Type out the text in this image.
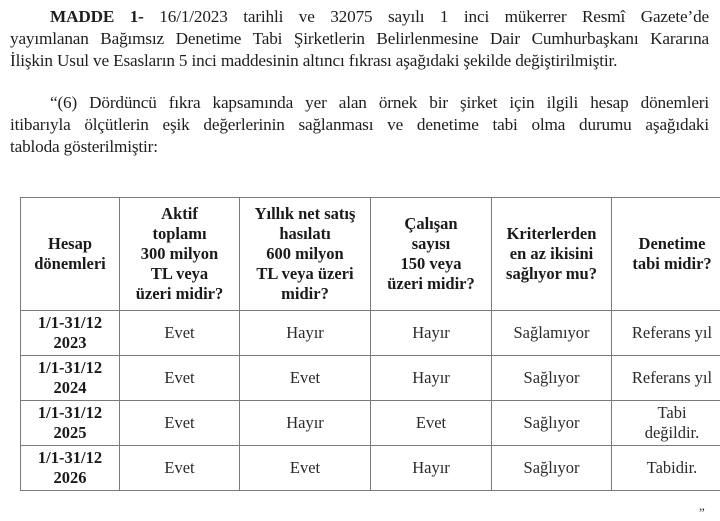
MADDE 1- 16/1/2023 tarihli ve 32075 sayılı 1 inci mükerrer Resmî Gazete’de
yayımlanan Bağımsız Denetime Tabi Şirketlerin Belirlenmesine Dair Cumhurbaşkanı Kararına
İlişkin Usul ve Esasların 5 inci maddesinin altıncı fıkrası aşağıdaki şekilde değiştirilmiştir.
“(6) Dördüncü fıkra kapsamında yer alan örnek bir şirket için ilgili hesap dönemleri
itibarıyla ölçütlerin eşik değerlerinin sağlanması ve denetime tabi olma durumu aşağıdaki
tabloda gösterilmiştir:
Hesap
dönemleri	Aktif
toplamı
300 milyon
TL veya
üzeri midir?	Yıllık net satış
hasılatı
600 milyon
TL veya üzeri
midir?	Çalışan
sayısı
150 veya
üzeri midir?	Kriterlerden
en az ikisini
sağlıyor mu?	Denetime
tabi midir?
1/1-31/12
2023	Evet	Hayır	Hayır	Sağlamıyor	Referans yıl
1/1-31/12
2024	Evet	Evet	Hayır	Sağlıyor	Referans yıl
1/1-31/12
2025	Evet	Hayır	Evet	Sağlıyor	Tabi
değildir.
1/1-31/12
2026	Evet	Evet	Hayır	Sağlıyor	Tabidir.
”
